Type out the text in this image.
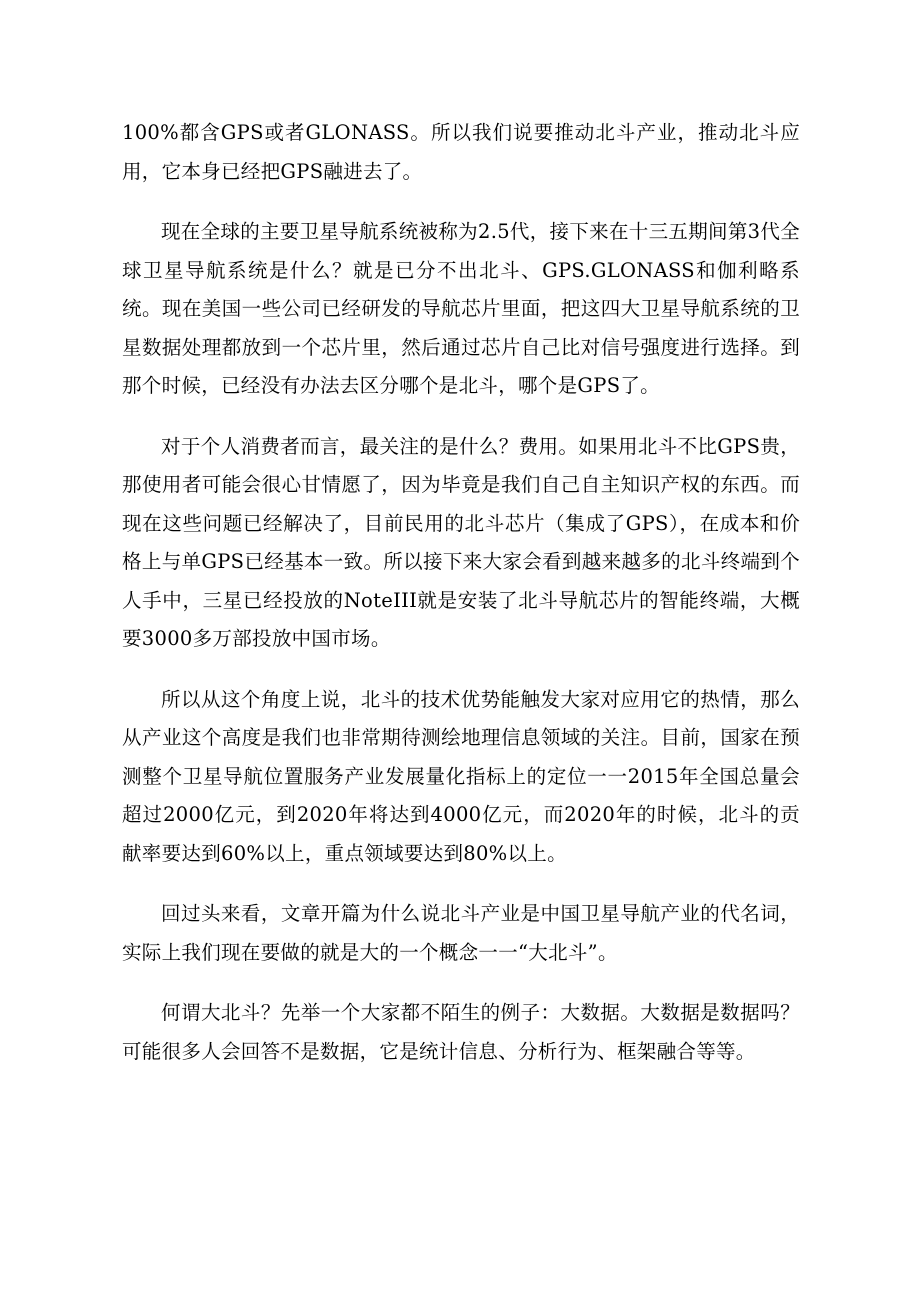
100%都含GPS或者GLONASS。所以我们说要推动北斗产业，推动北斗应用，它本身已经把GPS融进去了。

现在全球的主要卫星导航系统被称为2.5代，接下来在十三五期间第3代全球卫星导航系统是什么？就是已分不出北斗、GPS.GLONASS和伽利略系统。现在美国一些公司已经研发的导航芯片里面，把这四大卫星导航系统的卫星数据处理都放到一个芯片里，然后通过芯片自己比对信号强度进行选择。到那个时候，已经没有办法去区分哪个是北斗，哪个是GPS了。

对于个人消费者而言，最关注的是什么？费用。如果用北斗不比GPS贵，那使用者可能会很心甘情愿了，因为毕竟是我们自己自主知识产权的东西。而现在这些问题已经解决了，目前民用的北斗芯片（集成了GPS），在成本和价格上与单GPS已经基本一致。所以接下来大家会看到越来越多的北斗终端到个人手中，三星已经投放的NoteIII就是安装了北斗导航芯片的智能终端，大概要3000多万部投放中国市场。

所以从这个角度上说，北斗的技术优势能触发大家对应用它的热情，那么从产业这个高度是我们也非常期待测绘地理信息领域的关注。目前，国家在预测整个卫星导航位置服务产业发展量化指标上的定位一一2015年全国总量会超过2000亿元，到2020年将达到4000亿元，而2020年的时候，北斗的贡献率要达到60%以上，重点领域要达到80%以上。

回过头来看，文章开篇为什么说北斗产业是中国卫星导航产业的代名词，实际上我们现在要做的就是大的一个概念一一“大北斗”。

何谓大北斗？先举一个大家都不陌生的例子：大数据。大数据是数据吗？可能很多人会回答不是数据，它是统计信息、分析行为、框架融合等等。
